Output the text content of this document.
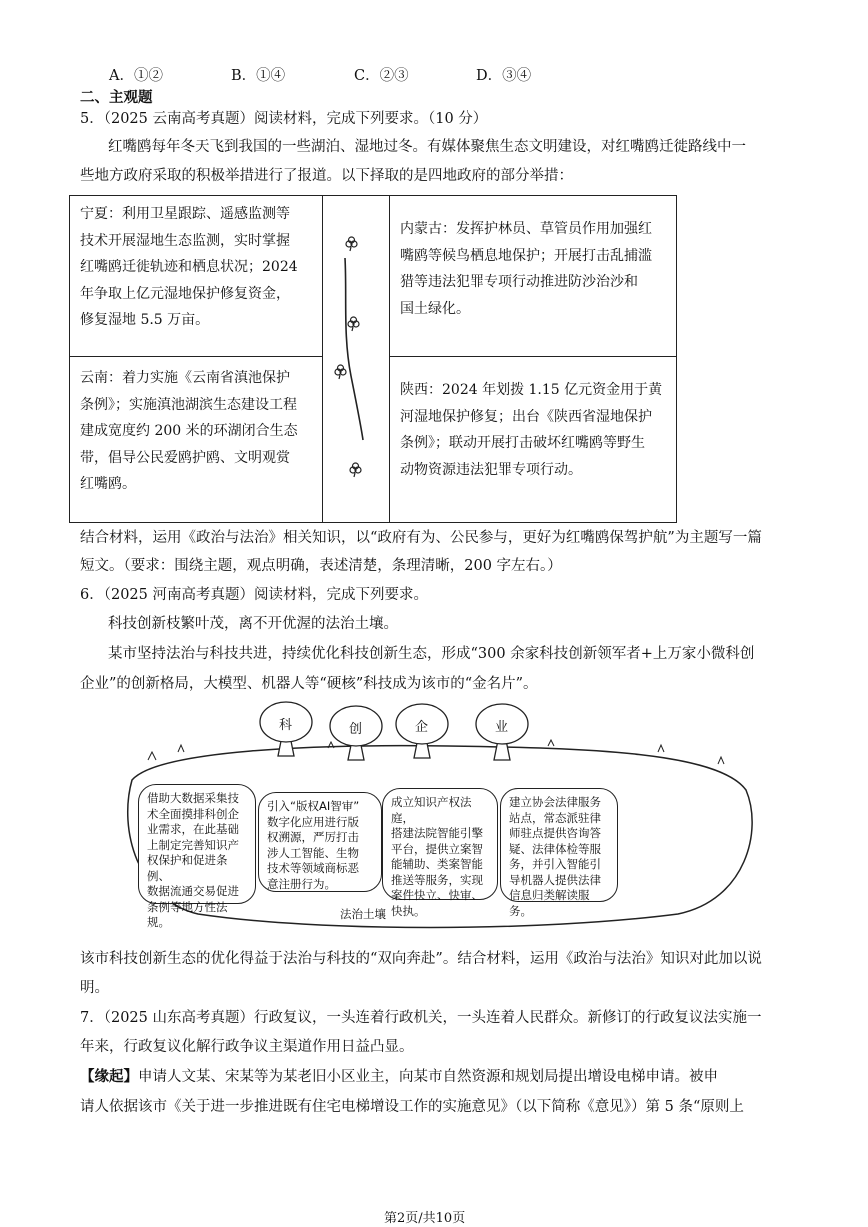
A．①②	B．①④	C．②③	D．③④
二、主观题
5．（2025 云南高考真题）阅读材料，完成下列要求。（10 分）
红嘴鸥每年冬天飞到我国的一些湖泊、湿地过冬。有媒体聚焦生态文明建设，对红嘴鸥迁徙路线中一
些地方政府采取的积极举措进行了报道。以下择取的是四地政府的部分举措：
宁夏：利用卫星跟踪、遥感监测等
技术开展湿地生态监测，实时掌握
红嘴鸥迁徙轨迹和栖息状况；2024
年争取上亿元湿地保护修复资金，
修复湿地 5.5 万亩。
内蒙古：发挥护林员、草管员作用加强红
嘴鸥等候鸟栖息地保护；开展打击乱捕滥
猎等违法犯罪专项行动推进防沙治沙和
国土绿化。
云南：着力实施《云南省滇池保护
条例》；实施滇池湖滨生态建设工程
建成宽度约 200 米的环湖闭合生态
带，倡导公民爱鸥护鸥、文明观赏
红嘴鸥。
陕西：2024 年划拨 1.15 亿元资金用于黄
河湿地保护修复；出台《陕西省湿地保护
条例》；联动开展打击破坏红嘴鸥等野生
动物资源违法犯罪专项行动。
结合材料，运用《政治与法治》相关知识，以“政府有为、公民参与，更好为红嘴鸥保驾护航”为主题写一篇
短文。（要求：围绕主题，观点明确，表述清楚，条理清晰，200 字左右。）
6．（2025 河南高考真题）阅读材料，完成下列要求。
科技创新枝繁叶茂，离不开优渥的法治土壤。
某市坚持法治与科技共进，持续优化科技创新生态，形成“300 余家科技创新领军者+上万家小微科创
企业”的创新格局，大模型、机器人等“硬核”科技成为该市的“金名片”。
科	创	企	业
借助大数据采集技
术全面摸排科创企
业需求，在此基础
上制定完善知识产
权保护和促进条例、
数据流通交易促进
条例等地方性法规。
引入“版权AI智审”
数字化应用进行版
权溯源，严厉打击
涉人工智能、生物
技术等领域商标恶
意注册行为。
成立知识产权法庭，
搭建法院智能引擎
平台，提供立案智
能辅助、类案智能
推送等服务，实现
案件快立、快审、
快执。
建立协会法律服务
站点，常态派驻律
师驻点提供咨询答
疑、法律体检等服
务，并引入智能引
导机器人提供法律
信息归类解读服务。
法治土壤
该市科技创新生态的优化得益于法治与科技的“双向奔赴”。结合材料，运用《政治与法治》知识对此加以说
明。
7．（2025 山东高考真题）行政复议，一头连着行政机关，一头连着人民群众。新修订的行政复议法实施一
年来，行政复议化解行政争议主渠道作用日益凸显。
【缘起】申请人文某、宋某等为某老旧小区业主，向某市自然资源和规划局提出增设电梯申请。被申
请人依据该市《关于进一步推进既有住宅电梯增设工作的实施意见》（以下简称《意见》）第 5 条“原则上
第2页/共10页
